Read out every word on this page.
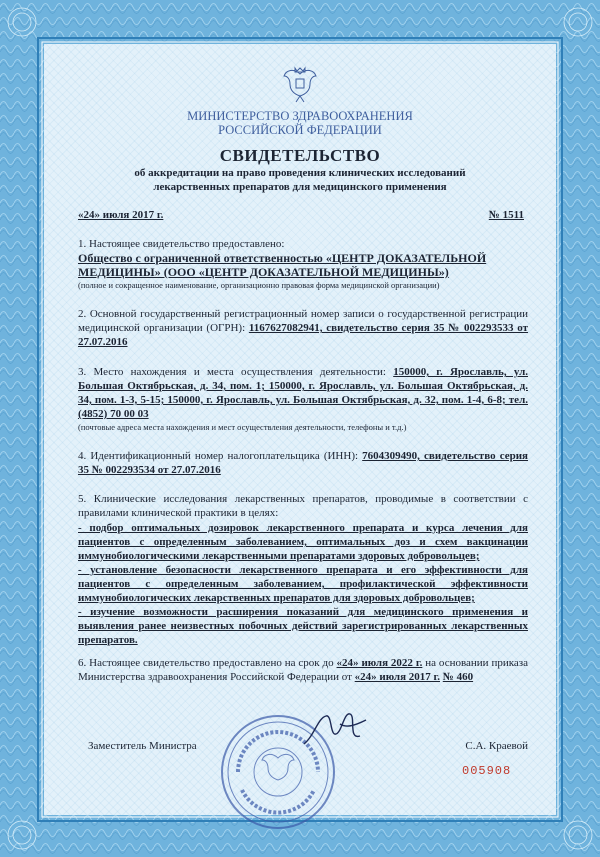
МИНИСТЕРСТВО ЗДРАВООХРАНЕНИЯ

РОССИЙСКОЙ ФЕДЕРАЦИИ

СВИДЕТЕЛЬСТВО

об аккредитации на право проведения клинических исследований

лекарственных препаратов для медицинского применения

«24» июля 2017 г.	№ 1511

1. Настоящее свидетельство предоставлено:

Общество с ограниченной ответственностью «ЦЕНТР ДОКАЗАТЕЛЬНОЙ

МЕДИЦИНЫ» (ООО «ЦЕНТР ДОКАЗАТЕЛЬНОЙ МЕДИЦИНЫ»)

(полное и сокращенное наименование, организационно правовая форма медицинской организации)

2. Основной государственный регистрационный номер записи о государственной регистрации медицинской организации (ОГРН): 1167627082941, свидетельство серия 35 № 002293533 от 27.07.2016
3. Место нахождения и места осуществления деятельности: 150000, г. Ярославль, ул. Большая Октябрьская, д. 34, пом. 1; 150000, г. Ярославль, ул. Большая Октябрьская, д. 34, пом. 1-3, 5-15; 150000, г. Ярославль, ул. Большая Октябрьская, д. 32, пом. 1-4, 6-8; тел. (4852) 70 00 03

(почтовые адреса места нахождения и мест осуществления деятельности, телефоны и т.д.)

4. Идентификационный номер налогоплательщика (ИНН): 7604309490, свидетельство серия 35 № 002293534 от 27.07.2016

5. Клинические исследования лекарственных препаратов, проводимые в соответствии с правилами клинической практики в целях:

- подбор оптимальных дозировок лекарственного препарата и курса лечения для пациентов с определенным заболеванием, оптимальных доз и схем вакцинации иммунобиологическими лекарственными препаратами здоровых добровольцев;

- установление безопасности лекарственного препарата и его эффективности для пациентов с определенным заболеванием, профилактической эффективности иммунобиологических лекарственных препаратов для здоровых добровольцев;

- изучение возможности расширения показаний для медицинского применения и выявления ранее неизвестных побочных действий зарегистрированных лекарственных препаратов.

6. Настоящее свидетельство предоставлено на срок до «24» июля 2022 г. на основании приказа Министерства здравоохранения Российской Федерации от «24» июля 2017 г. № 460

Заместитель Министра	С.А. Краевой

005908
